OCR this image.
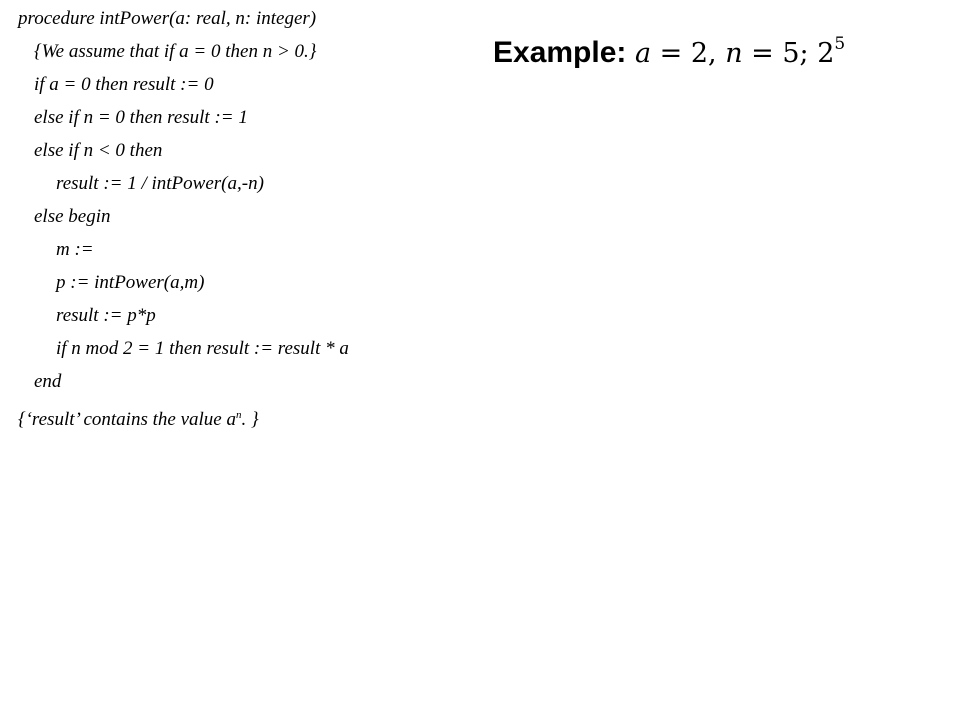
procedure intPower(a: real, n: integer)
{We assume that if a = 0 then n > 0.}
if a = 0 then result := 0
else if n = 0 then result := 1
else if n < 0 then
result := 1 / intPower(a,-n)
else begin
m :=
p := intPower(a,m)
result := p*p
if n mod 2 = 1 then result := result * a
end
{‘result’ contains the value $a^n$. }
Example: 𝑎 = 2, 𝑛 = 5; $2^5$
